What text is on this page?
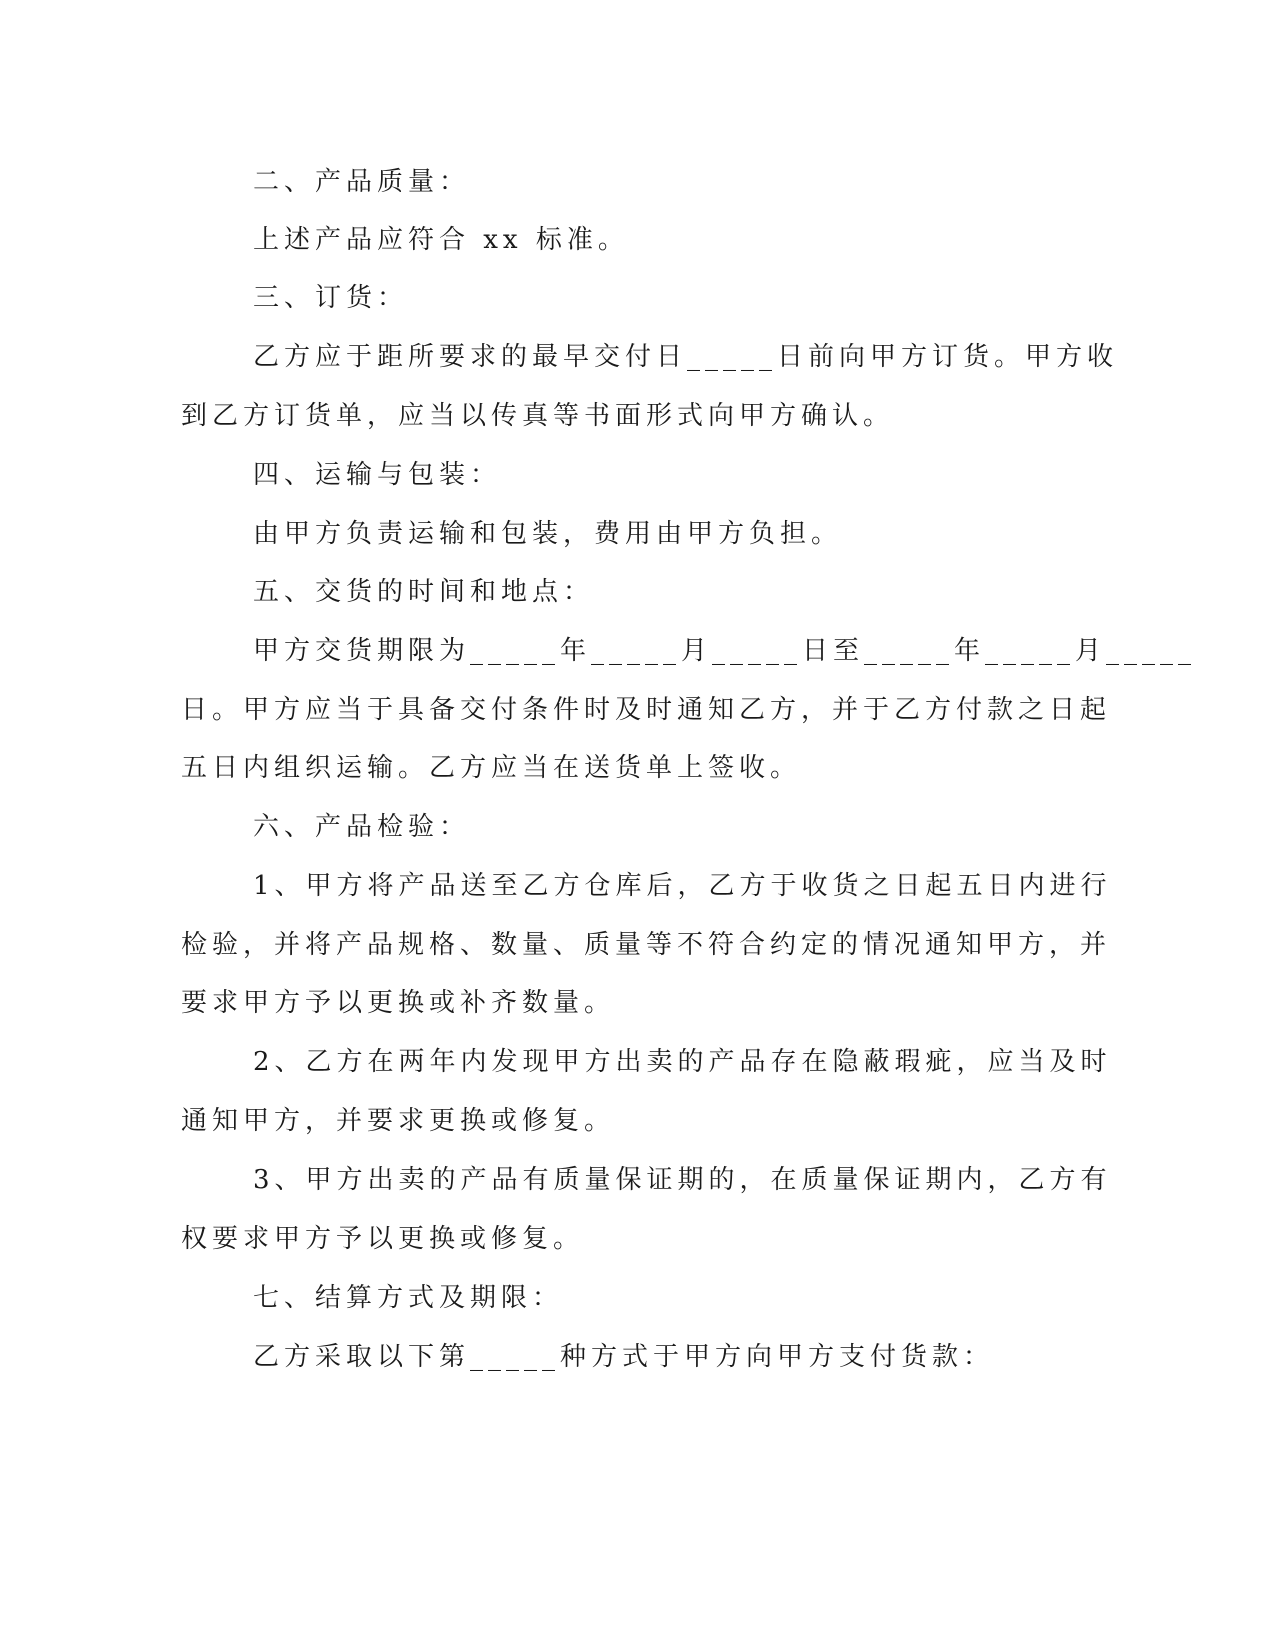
二、产品质量：
上述产品应符合 xx 标准。
三、订货：
乙方应于距所要求的最早交付日_____日前向甲方订货。甲方收
到乙方订货单，应当以传真等书面形式向甲方确认。
四、运输与包装：
由甲方负责运输和包装，费用由甲方负担。
五、交货的时间和地点：
甲方交货期限为_____年_____月_____日至_____年_____月_____
日。甲方应当于具备交付条件时及时通知乙方，并于乙方付款之日起
五日内组织运输。乙方应当在送货单上签收。
六、产品检验：
1、甲方将产品送至乙方仓库后，乙方于收货之日起五日内进行
检验，并将产品规格、数量、质量等不符合约定的情况通知甲方，并
要求甲方予以更换或补齐数量。
2、乙方在两年内发现甲方出卖的产品存在隐蔽瑕疵，应当及时
通知甲方，并要求更换或修复。
3、甲方出卖的产品有质量保证期的，在质量保证期内，乙方有
权要求甲方予以更换或修复。
七、结算方式及期限：
乙方采取以下第_____种方式于甲方向甲方支付货款：
